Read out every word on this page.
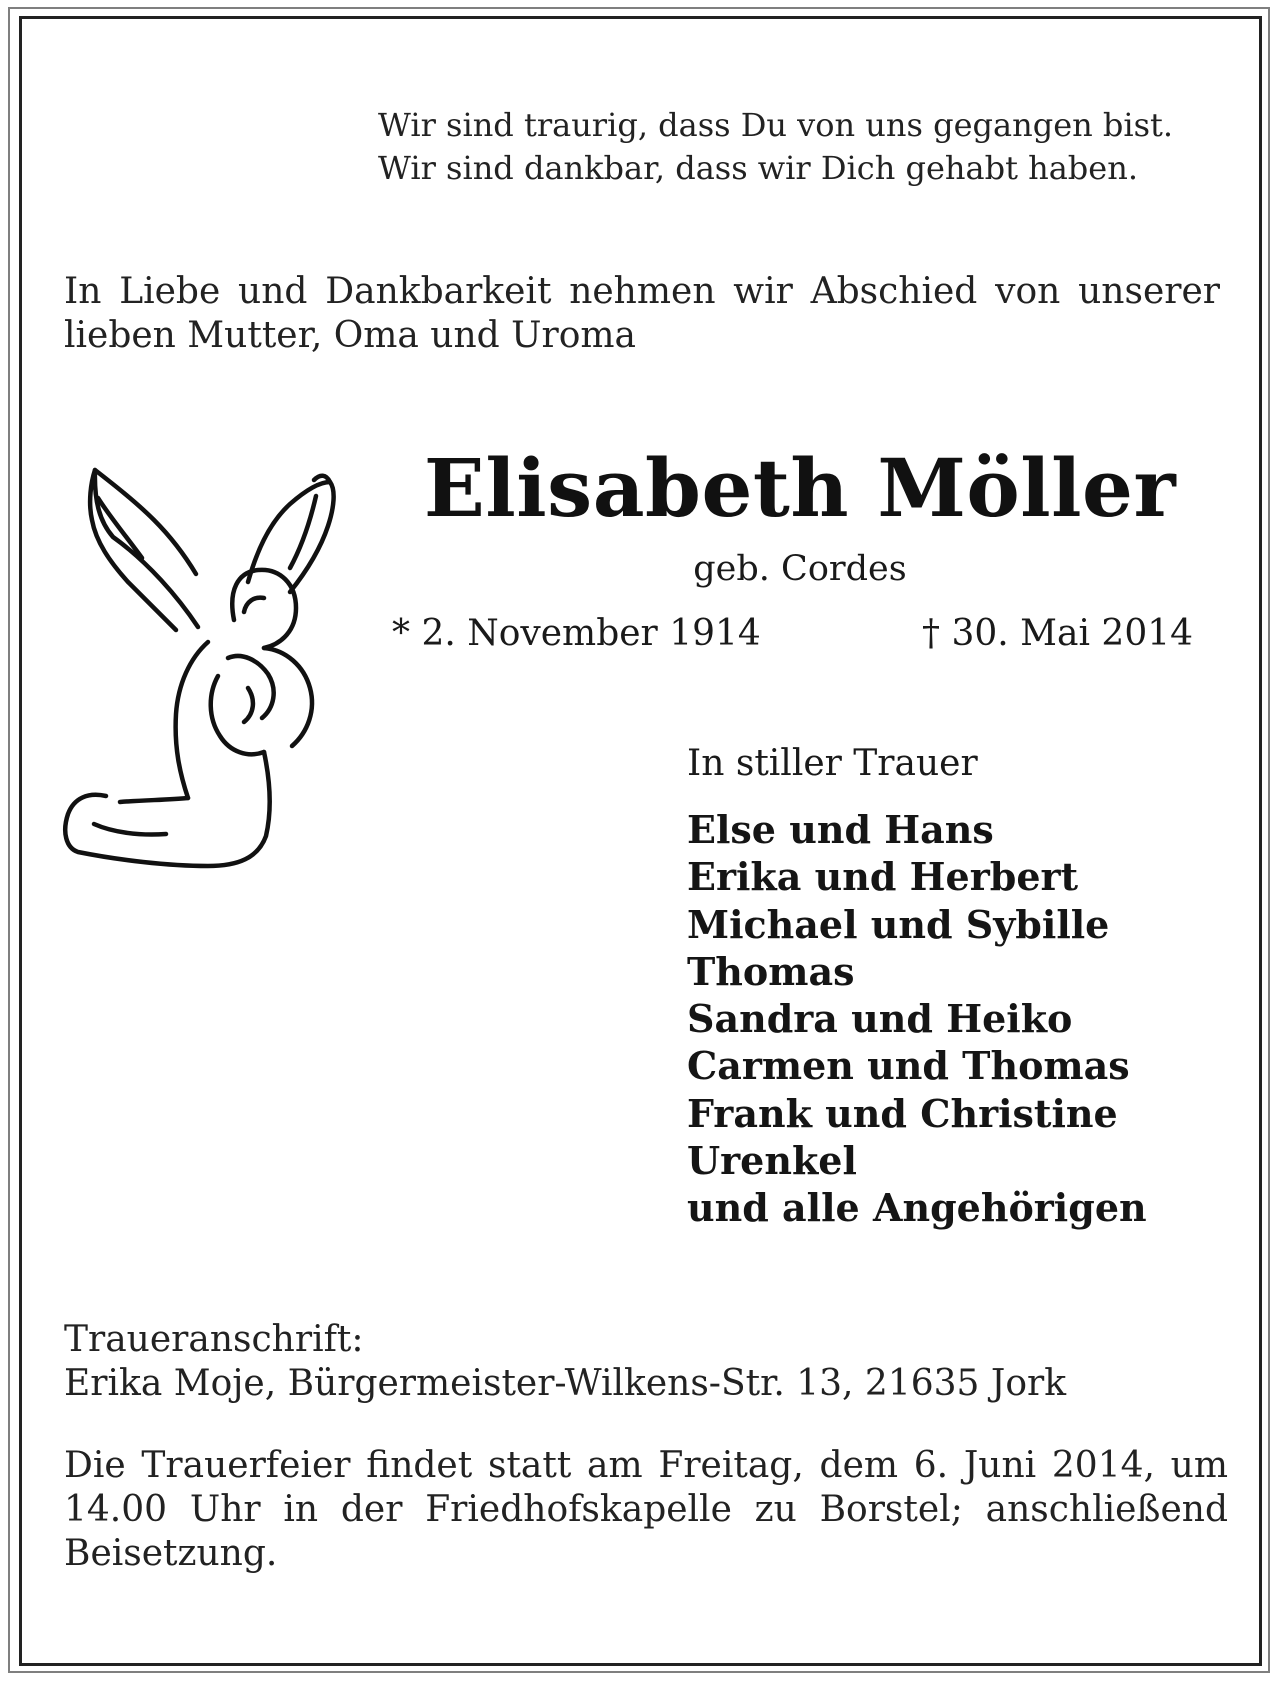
Wir sind traurig, dass Du von uns gegangen bist.
Wir sind dankbar, dass wir Dich gehabt haben.

In Liebe und Dankbarkeit nehmen wir Abschied von unserer lieben Mutter, Oma und Uroma

Elisabeth Möller
geb. Cordes
* 2. November 1914	† 30. Mai 2014
In stiller Trauer
Else und Hans
Erika und Herbert
Michael und Sybille
Thomas
Sandra und Heiko
Carmen und Thomas
Frank und Christine
Urenkel
und alle Angehörigen
Traueranschrift:
Erika Moje, Bürgermeister-Wilkens-Str. 13, 21635 Jork

Die Trauerfeier findet statt am Freitag, dem 6. Juni 2014, um 14.00 Uhr in der Friedhofskapelle zu Borstel; anschließend Beisetzung.
